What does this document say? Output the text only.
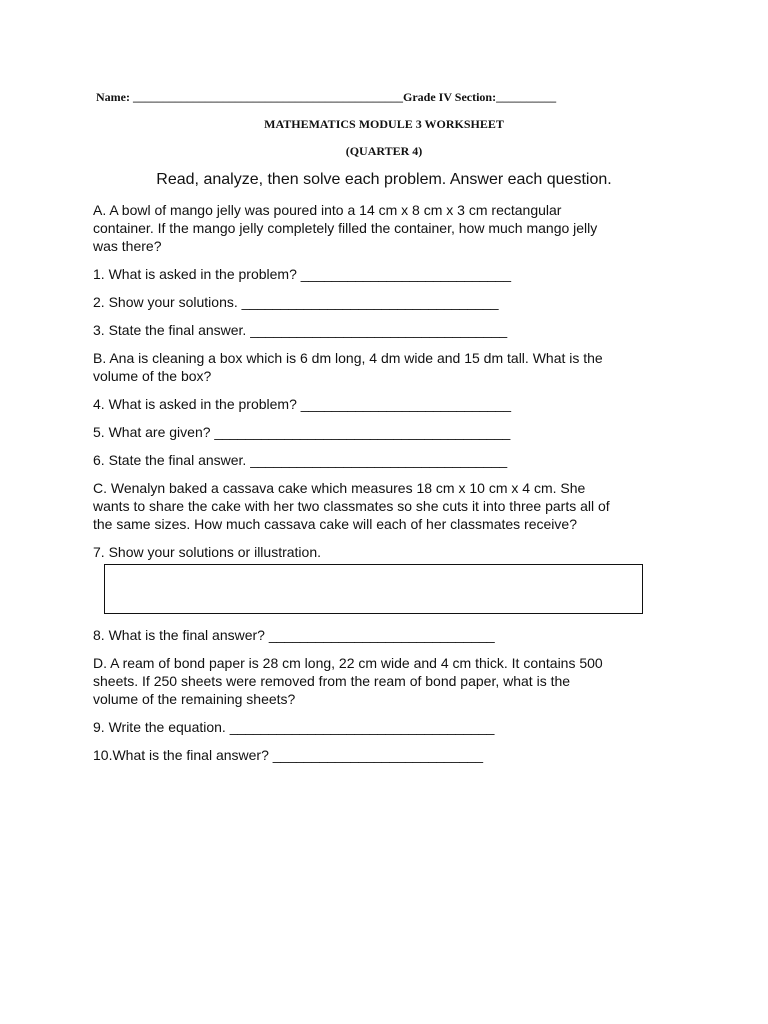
Name: _____________________________________________Grade IV Section:__________
MATHEMATICS MODULE 3 WORKSHEET
(QUARTER 4)
Read, analyze, then solve each problem. Answer each question.
A. A bowl of mango jelly was poured into a 14 cm x 8 cm x 3 cm rectangular
container. If the mango jelly completely filled the container, how much mango jelly
was there?
1. What is asked in the problem? ___________________________
2. Show your solutions. _________________________________
3. State the final answer. _________________________________
B. Ana is cleaning a box which is 6 dm long, 4 dm wide and 15 dm tall. What is the
volume of the box?
4. What is asked in the problem? ___________________________
5. What are given? ______________________________________
6. State the final answer. _________________________________
C. Wenalyn baked a cassava cake which measures 18 cm x 10 cm x 4 cm. She
wants to share the cake with her two classmates so she cuts it into three parts all of
the same sizes. How much cassava cake will each of her classmates receive?
7. Show your solutions or illustration.
8. What is the final answer? _____________________________
D. A ream of bond paper is 28 cm long, 22 cm wide and 4 cm thick. It contains 500
sheets. If 250 sheets were removed from the ream of bond paper, what is the
volume of the remaining sheets?
9. Write the equation. __________________________________
10.What is the final answer? ___________________________
